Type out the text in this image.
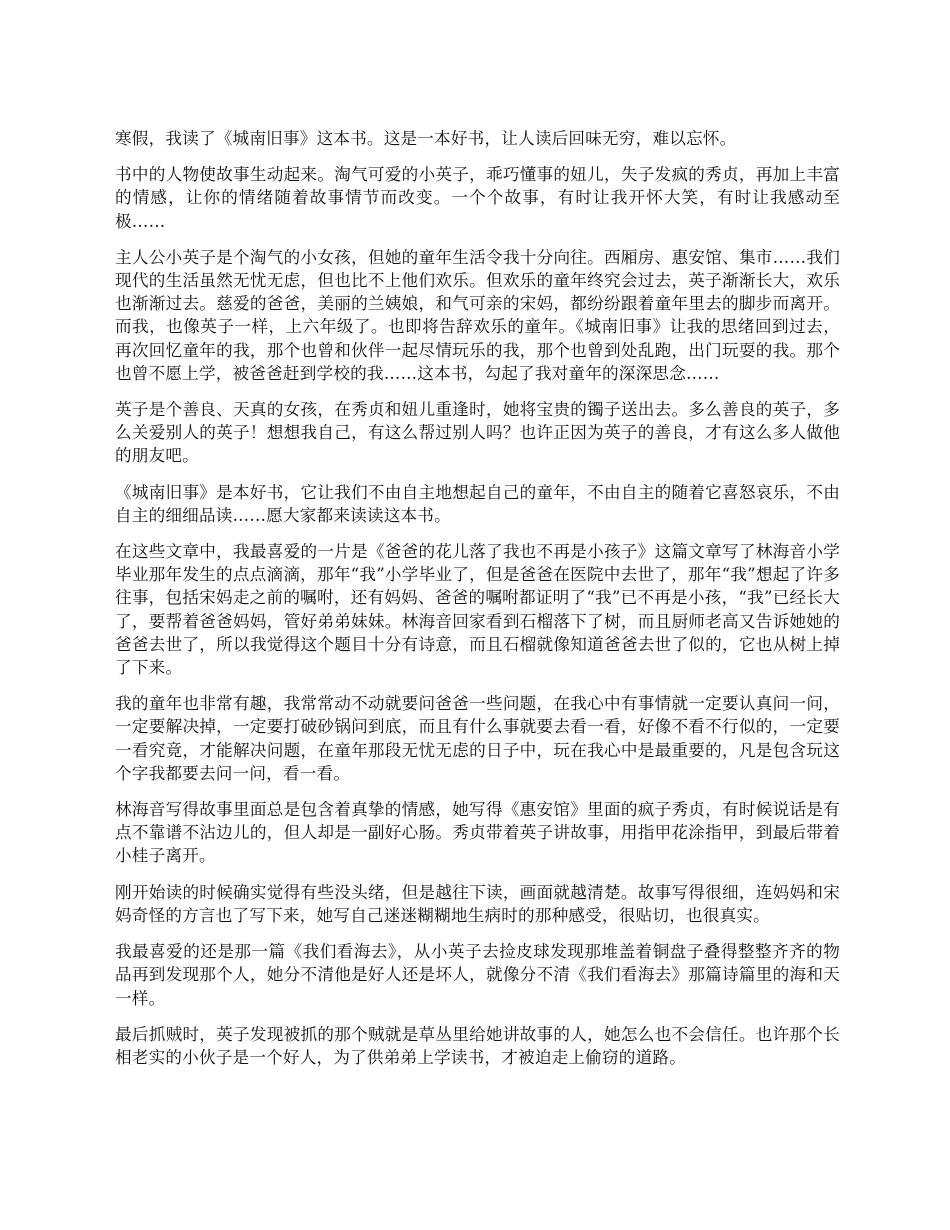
寒假，我读了《城南旧事》这本书。这是一本好书，让人读后回味无穷，难以忘怀。

书中的人物使故事生动起来。淘气可爱的小英子，乖巧懂事的妞儿，失子发疯的秀贞，再加上丰富的情感，让你的情绪随着故事情节而改变。一个个故事，有时让我开怀大笑，有时让我感动至极……

主人公小英子是个淘气的小女孩，但她的童年生活令我十分向往。西厢房、惠安馆、集市……我们现代的生活虽然无忧无虑，但也比不上他们欢乐。但欢乐的童年终究会过去，英子渐渐长大，欢乐也渐渐过去。慈爱的爸爸，美丽的兰姨娘，和气可亲的宋妈，都纷纷跟着童年里去的脚步而离开。而我，也像英子一样，上六年级了。也即将告辞欢乐的童年。《城南旧事》让我的思绪回到过去，再次回忆童年的我，那个也曾和伙伴一起尽情玩乐的我，那个也曾到处乱跑，出门玩耍的我。那个也曾不愿上学，被爸爸赶到学校的我……这本书，勾起了我对童年的深深思念……

英子是个善良、天真的女孩，在秀贞和妞儿重逢时，她将宝贵的镯子送出去。多么善良的英子，多么关爱别人的英子！想想我自己，有这么帮过别人吗？也许正因为英子的善良，才有这么多人做他的朋友吧。

《城南旧事》是本好书，它让我们不由自主地想起自己的童年，不由自主的随着它喜怒哀乐，不由自主的细细品读……愿大家都来读读这本书。

在这些文章中，我最喜爱的一片是《爸爸的花儿落了我也不再是小孩子》这篇文章写了林海音小学毕业那年发生的点点滴滴，那年“我”小学毕业了，但是爸爸在医院中去世了，那年“我”想起了许多往事，包括宋妈走之前的嘱咐，还有妈妈、爸爸的嘱咐都证明了“我”已不再是小孩，“我”已经长大了，要帮着爸爸妈妈，管好弟弟妹妹。林海音回家看到石榴落下了树，而且厨师老高又告诉她她的爸爸去世了，所以我觉得这个题目十分有诗意，而且石榴就像知道爸爸去世了似的，它也从树上掉了下来。

我的童年也非常有趣，我常常动不动就要问爸爸一些问题，在我心中有事情就一定要认真问一问，一定要解决掉，一定要打破砂锅问到底，而且有什么事就要去看一看，好像不看不行似的，一定要一看究竟，才能解决问题，在童年那段无忧无虑的日子中，玩在我心中是最重要的，凡是包含玩这个字我都要去问一问，看一看。

林海音写得故事里面总是包含着真挚的情感，她写得《惠安馆》里面的疯子秀贞，有时候说话是有点不靠谱不沾边儿的，但人却是一副好心肠。秀贞带着英子讲故事，用指甲花涂指甲，到最后带着小桂子离开。

刚开始读的时候确实觉得有些没头绪，但是越往下读，画面就越清楚。故事写得很细，连妈妈和宋妈奇怪的方言也了写下来，她写自己迷迷糊糊地生病时的那种感受，很贴切，也很真实。

我最喜爱的还是那一篇《我们看海去》，从小英子去捡皮球发现那堆盖着铜盘子叠得整整齐齐的物品再到发现那个人，她分不清他是好人还是坏人，就像分不清《我们看海去》那篇诗篇里的海和天一样。

最后抓贼时，英子发现被抓的那个贼就是草丛里给她讲故事的人，她怎么也不会信任。也许那个长相老实的小伙子是一个好人，为了供弟弟上学读书，才被迫走上偷窃的道路。
